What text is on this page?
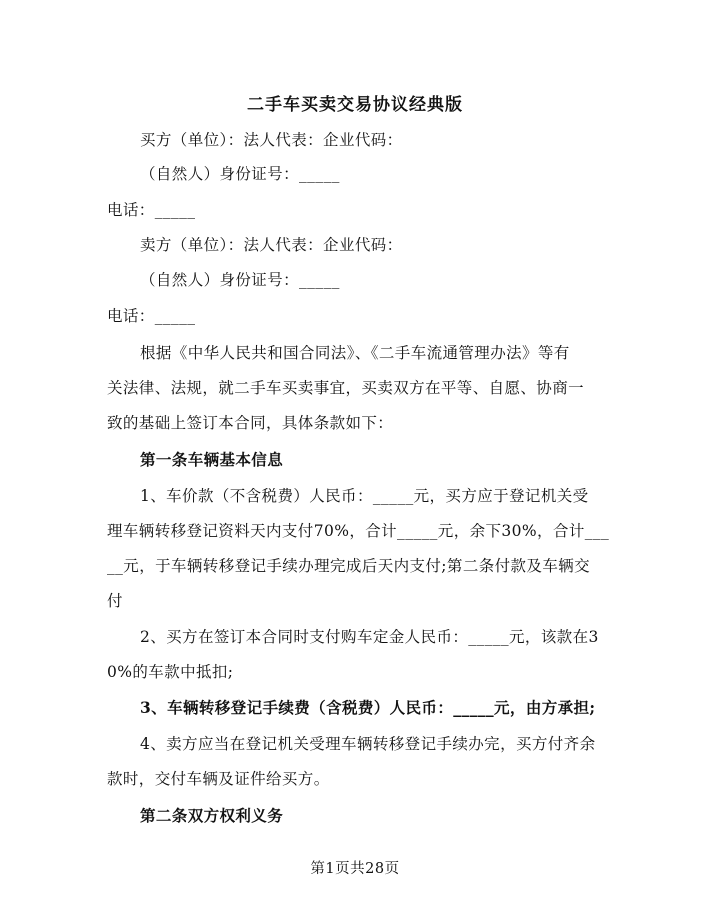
二手车买卖交易协议经典版
买方（单位）：法人代表：企业代码：
（自然人）身份证号：_____
电话：_____
卖方（单位）：法人代表：企业代码：
（自然人）身份证号：_____
电话：_____
根据《中华人民共和国合同法》、《二手车流通管理办法》等有
关法律、法规，就二手车买卖事宜，买卖双方在平等、自愿、协商一
致的基础上签订本合同，具体条款如下：
第一条车辆基本信息
1、车价款（不含税费）人民币：_____元，买方应于登记机关受
理车辆转移登记资料天内支付70%，合计_____元，余下30%，合计___
__元，于车辆转移登记手续办理完成后天内支付;第二条付款及车辆交
付
2、买方在签订本合同时支付购车定金人民币：_____元，该款在3
0%的车款中抵扣;
3、车辆转移登记手续费（含税费）人民币：_____元，由方承担;
4、卖方应当在登记机关受理车辆转移登记手续办完，买方付齐余
款时，交付车辆及证件给买方。
第二条双方权利义务
第1页共28页
